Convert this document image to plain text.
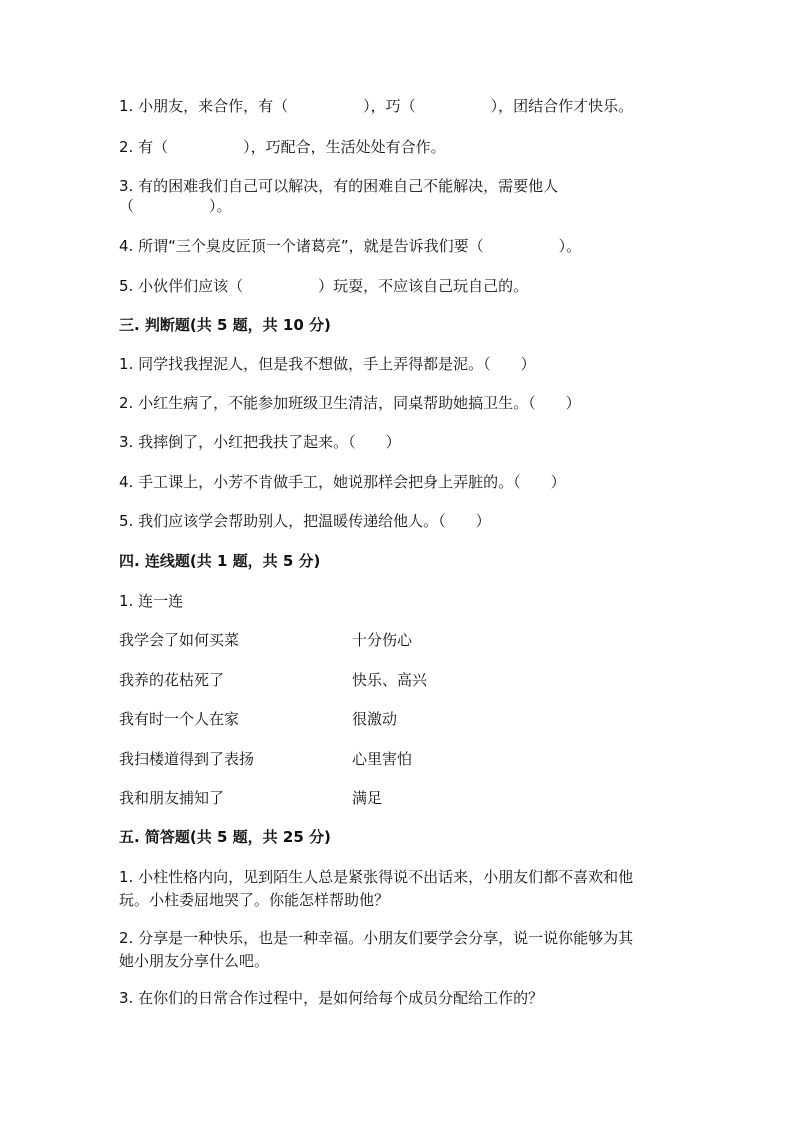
1. 小朋友，来合作，有（　　　　　），巧（　　　　　），团结合作才快乐。
2. 有（　　　　　），巧配合，生活处处有合作。
3. 有的困难我们自己可以解决，有的困难自己不能解决，需要他人
（　　　　　）。
4. 所谓“三个臭皮匠顶一个诸葛亮”，就是告诉我们要（　　　　　）。
5. 小伙伴们应该（　　　　　）玩耍，不应该自己玩自己的。
三. 判断题(共 5 题，共 10 分)
1. 同学找我捏泥人，但是我不想做，手上弄得都是泥。（　　）
2. 小红生病了，不能参加班级卫生清洁，同桌帮助她搞卫生。（　　）
3. 我摔倒了，小红把我扶了起来。（　　）
4. 手工课上，小芳不肯做手工，她说那样会把身上弄脏的。（　　）
5. 我们应该学会帮助别人，把温暖传递给他人。（　　）
四. 连线题(共 1 题，共 5 分)
1. 连一连
我学会了如何买菜	十分伤心
我养的花枯死了	快乐、高兴
我有时一个人在家	很激动
我扫楼道得到了表扬	心里害怕
我和朋友捕知了	满足
五. 简答题(共 5 题，共 25 分)
1. 小柱性格内向，见到陌生人总是紧张得说不出话来，小朋友们都不喜欢和他
玩。小柱委屈地哭了。你能怎样帮助他？
2. 分享是一种快乐，也是一种幸福。小朋友们要学会分享，说一说你能够为其
她小朋友分享什么吧。
3. 在你们的日常合作过程中，是如何给每个成员分配给工作的？
